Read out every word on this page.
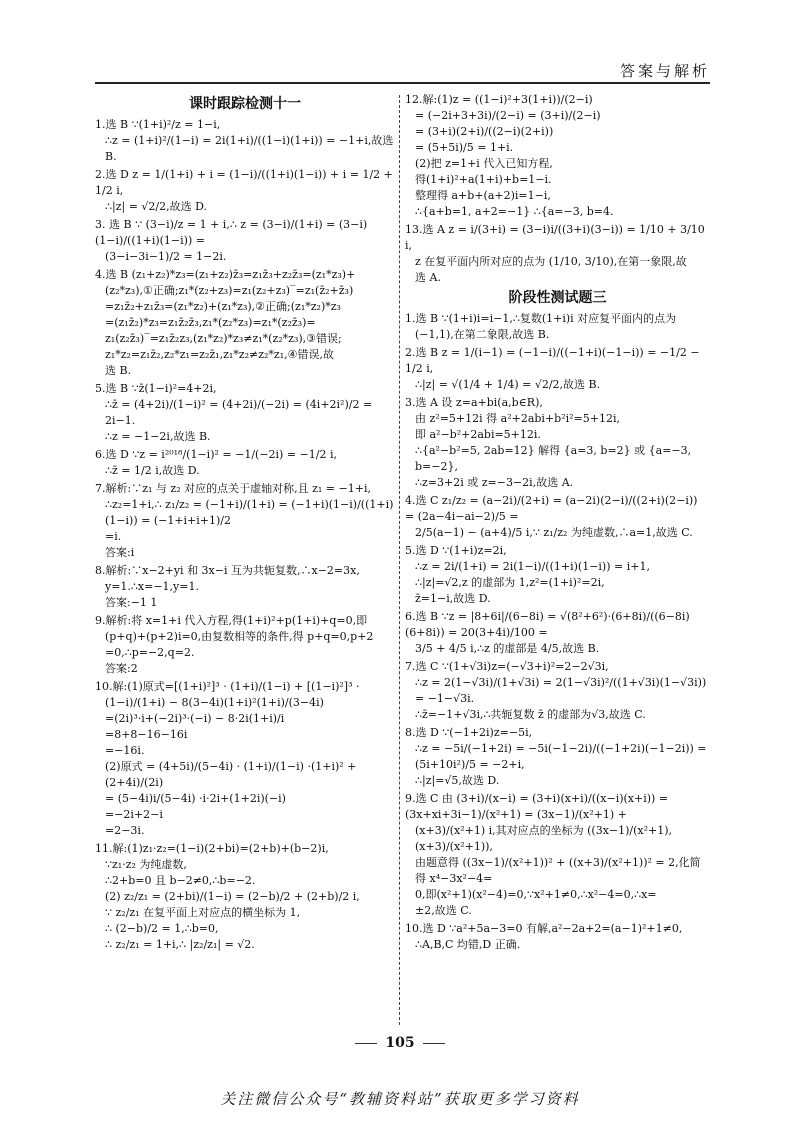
答案与解析
课时跟踪检测十一

1.选 B ∵(1+i)²/z = 1−i,

∴z = (1+i)²/(1−i) = 2i(1+i)/((1−i)(1+i)) = −1+i,故选 B.

2.选 D z = 1/(1+i) + i = (1−i)/((1+i)(1−i)) + i = 1/2 + 1/2 i,

∴|z| = √2/2,故选 D.

3. 选 B ∵ (3−i)/z = 1 + i,∴ z = (3−i)/(1+i) = (3−i)(1−i)/((1+i)(1−i)) =

(3−i−3i−1)/2 = 1−2i.

4.选 B (z₁+z₂)*z₃=(z₁+z₂)z̄₃=z₁z̄₃+z₂z̄₃=(z₁*z₃)+

(z₂*z₃),①正确;z₁*(z₂+z₃)=z₁(z₂+z₃)‾=z₁(z̄₂+z̄₃)

=z₁z̄₂+z₁z̄₃=(z₁*z₂)+(z₁*z₃),②正确;(z₁*z₂)*z₃

=(z₁z̄₂)*z₃=z₁z̄₂z̄₃,z₁*(z₂*z₃)=z₁*(z₂z̄₃)=

z₁(z₂z̄₃)‾=z₁z̄₂z₃,(z₁*z₂)*z₃≠z₁*(z₂*z₃),③错误;

z₁*z₂=z₁z̄₂,z₂*z₁=z₂z̄₁,z₁*z₂≠z₂*z₁,④错误,故

选 B.

5.选 B ∵z̄(1−i)²=4+2i,

∴z̄ = (4+2i)/(1−i)² = (4+2i)/(−2i) = (4i+2i²)/2 = 2i−1.

∴z = −1−2i,故选 B.

6.选 D ∵z = i²⁰¹⁸/(1−i)² = −1/(−2i) = −1/2 i,

∴z̄ = 1/2 i,故选 D.

7.解析:∵z₁ 与 z₂ 对应的点关于虚轴对称,且 z₁ = −1+i,

∴z₂=1+i,∴ z₁/z₂ = (−1+i)/(1+i) = (−1+i)(1−i)/((1+i)(1−i)) = (−1+i+i+1)/2

=i.

答案:i

8.解析:∵x−2+yi 和 3x−i 互为共轭复数,∴x−2=3x,

y=1.∴x=−1,y=1.

答案:−1 1

9.解析:将 x=1+i 代入方程,得(1+i)²+p(1+i)+q=0,即

(p+q)+(p+2)i=0,由复数相等的条件,得 p+q=0,p+2

=0,∴p=−2,q=2.

答案:2

10.解:(1)原式=[(1+i)²]³ · (1+i)/(1−i) + [(1−i)²]³ ·

(1−i)/(1+i) − 8(3−4i)(1+i)²(1+i)/(3−4i)

=(2i)³·i+(−2i)³·(−i) − 8·2i(1+i)/i

=8+8−16−16i

=−16i.

(2)原式 = (4+5i)/(5−4i) · (1+i)/(1−i) ·(1+i)² + (2+4i)/(2i)

= (5−4i)i/(5−4i) ·i·2i+(1+2i)(−i)

=−2i+2−i

=2−3i.

11.解:(1)z₁·z₂=(1−i)(2+bi)=(2+b)+(b−2)i,

∵z₁·z₂ 为纯虚数,

∴2+b=0 且 b−2≠0,∴b=−2.

(2) z₂/z₁ = (2+bi)/(1−i) = (2−b)/2 + (2+b)/2 i,

∵ z₂/z₁ 在复平面上对应点的横坐标为 1,

∴ (2−b)/2 = 1,∴b=0,

∴ z₂/z₁ = 1+i,∴ |z₂/z₁| = √2.

12.解:(1)z = ((1−i)²+3(1+i))/(2−i)

= (−2i+3+3i)/(2−i) = (3+i)/(2−i)

= (3+i)(2+i)/((2−i)(2+i))

= (5+5i)/5 = 1+i.

(2)把 z=1+i 代入已知方程,

得(1+i)²+a(1+i)+b=1−i.

整理得 a+b+(a+2)i=1−i,

∴{a+b=1, a+2=−1} ∴{a=−3, b=4.

13.选 A z = i/(3+i) = (3−i)i/((3+i)(3−i)) = 1/10 + 3/10 i,

z 在复平面内所对应的点为 (1/10, 3/10),在第一象限,故

选 A.

阶段性测试题三

1.选 B ∵(1+i)i=i−1,∴复数(1+i)i 对应复平面内的点为

(−1,1),在第二象限,故选 B.

2.选 B z = 1/(i−1) = (−1−i)/((−1+i)(−1−i)) = −1/2 − 1/2 i,

∴|z| = √(1/4 + 1/4) = √2/2,故选 B.

3.选 A 设 z=a+bi(a,b∈R),

由 z²=5+12i 得 a²+2abi+b²i²=5+12i,

即 a²−b²+2abi=5+12i.

∴{a²−b²=5, 2ab=12} 解得 {a=3, b=2} 或 {a=−3, b=−2},

∴z=3+2i 或 z=−3−2i,故选 A.

4.选 C z₁/z₂ = (a−2i)/(2+i) = (a−2i)(2−i)/((2+i)(2−i)) = (2a−4i−ai−2)/5 =

2/5(a−1) − (a+4)/5 i,∵ z₁/z₂ 为纯虚数,∴a=1,故选 C.

5.选 D ∵(1+i)z=2i,

∴z = 2i/(1+i) = 2i(1−i)/((1+i)(1−i)) = i+1,

∴|z|=√2,z 的虚部为 1,z²=(1+i)²=2i,

z̄=1−i,故选 D.

6.选 B ∵z = |8+6i|/(6−8i) = √(8²+6²)·(6+8i)/((6−8i)(6+8i)) = 20(3+4i)/100 =

3/5 + 4/5 i,∴z 的虚部是 4/5,故选 B.

7.选 C ∵(1+√3i)z=(−√3+i)²=2−2√3i,

∴z = 2(1−√3i)/(1+√3i) = 2(1−√3i)²/((1+√3i)(1−√3i)) = −1−√3i.

∴z̄=−1+√3i,∴共轭复数 z̄ 的虚部为√3,故选 C.

8.选 D ∵(−1+2i)z=−5i,

∴z = −5i/(−1+2i) = −5i(−1−2i)/((−1+2i)(−1−2i)) = (5i+10i²)/5 = −2+i,

∴|z|=√5,故选 D.

9.选 C 由 (3+i)/(x−i) = (3+i)(x+i)/((x−i)(x+i)) = (3x+xi+3i−1)/(x²+1) = (3x−1)/(x²+1) +

(x+3)/(x²+1) i,其对应点的坐标为 ((3x−1)/(x²+1), (x+3)/(x²+1)),

由题意得 ((3x−1)/(x²+1))² + ((x+3)/(x²+1))² = 2,化简得 x⁴−3x²−4=

0,即(x²+1)(x²−4)=0,∵x²+1≠0,∴x²−4=0,∴x=

±2,故选 C.

10.选 D ∵a²+5a−3=0 有解,a²−2a+2=(a−1)²+1≠0,

∴A,B,C 均错,D 正确.

105
关注微信公众号“教辅资料站”获取更多学习资料
